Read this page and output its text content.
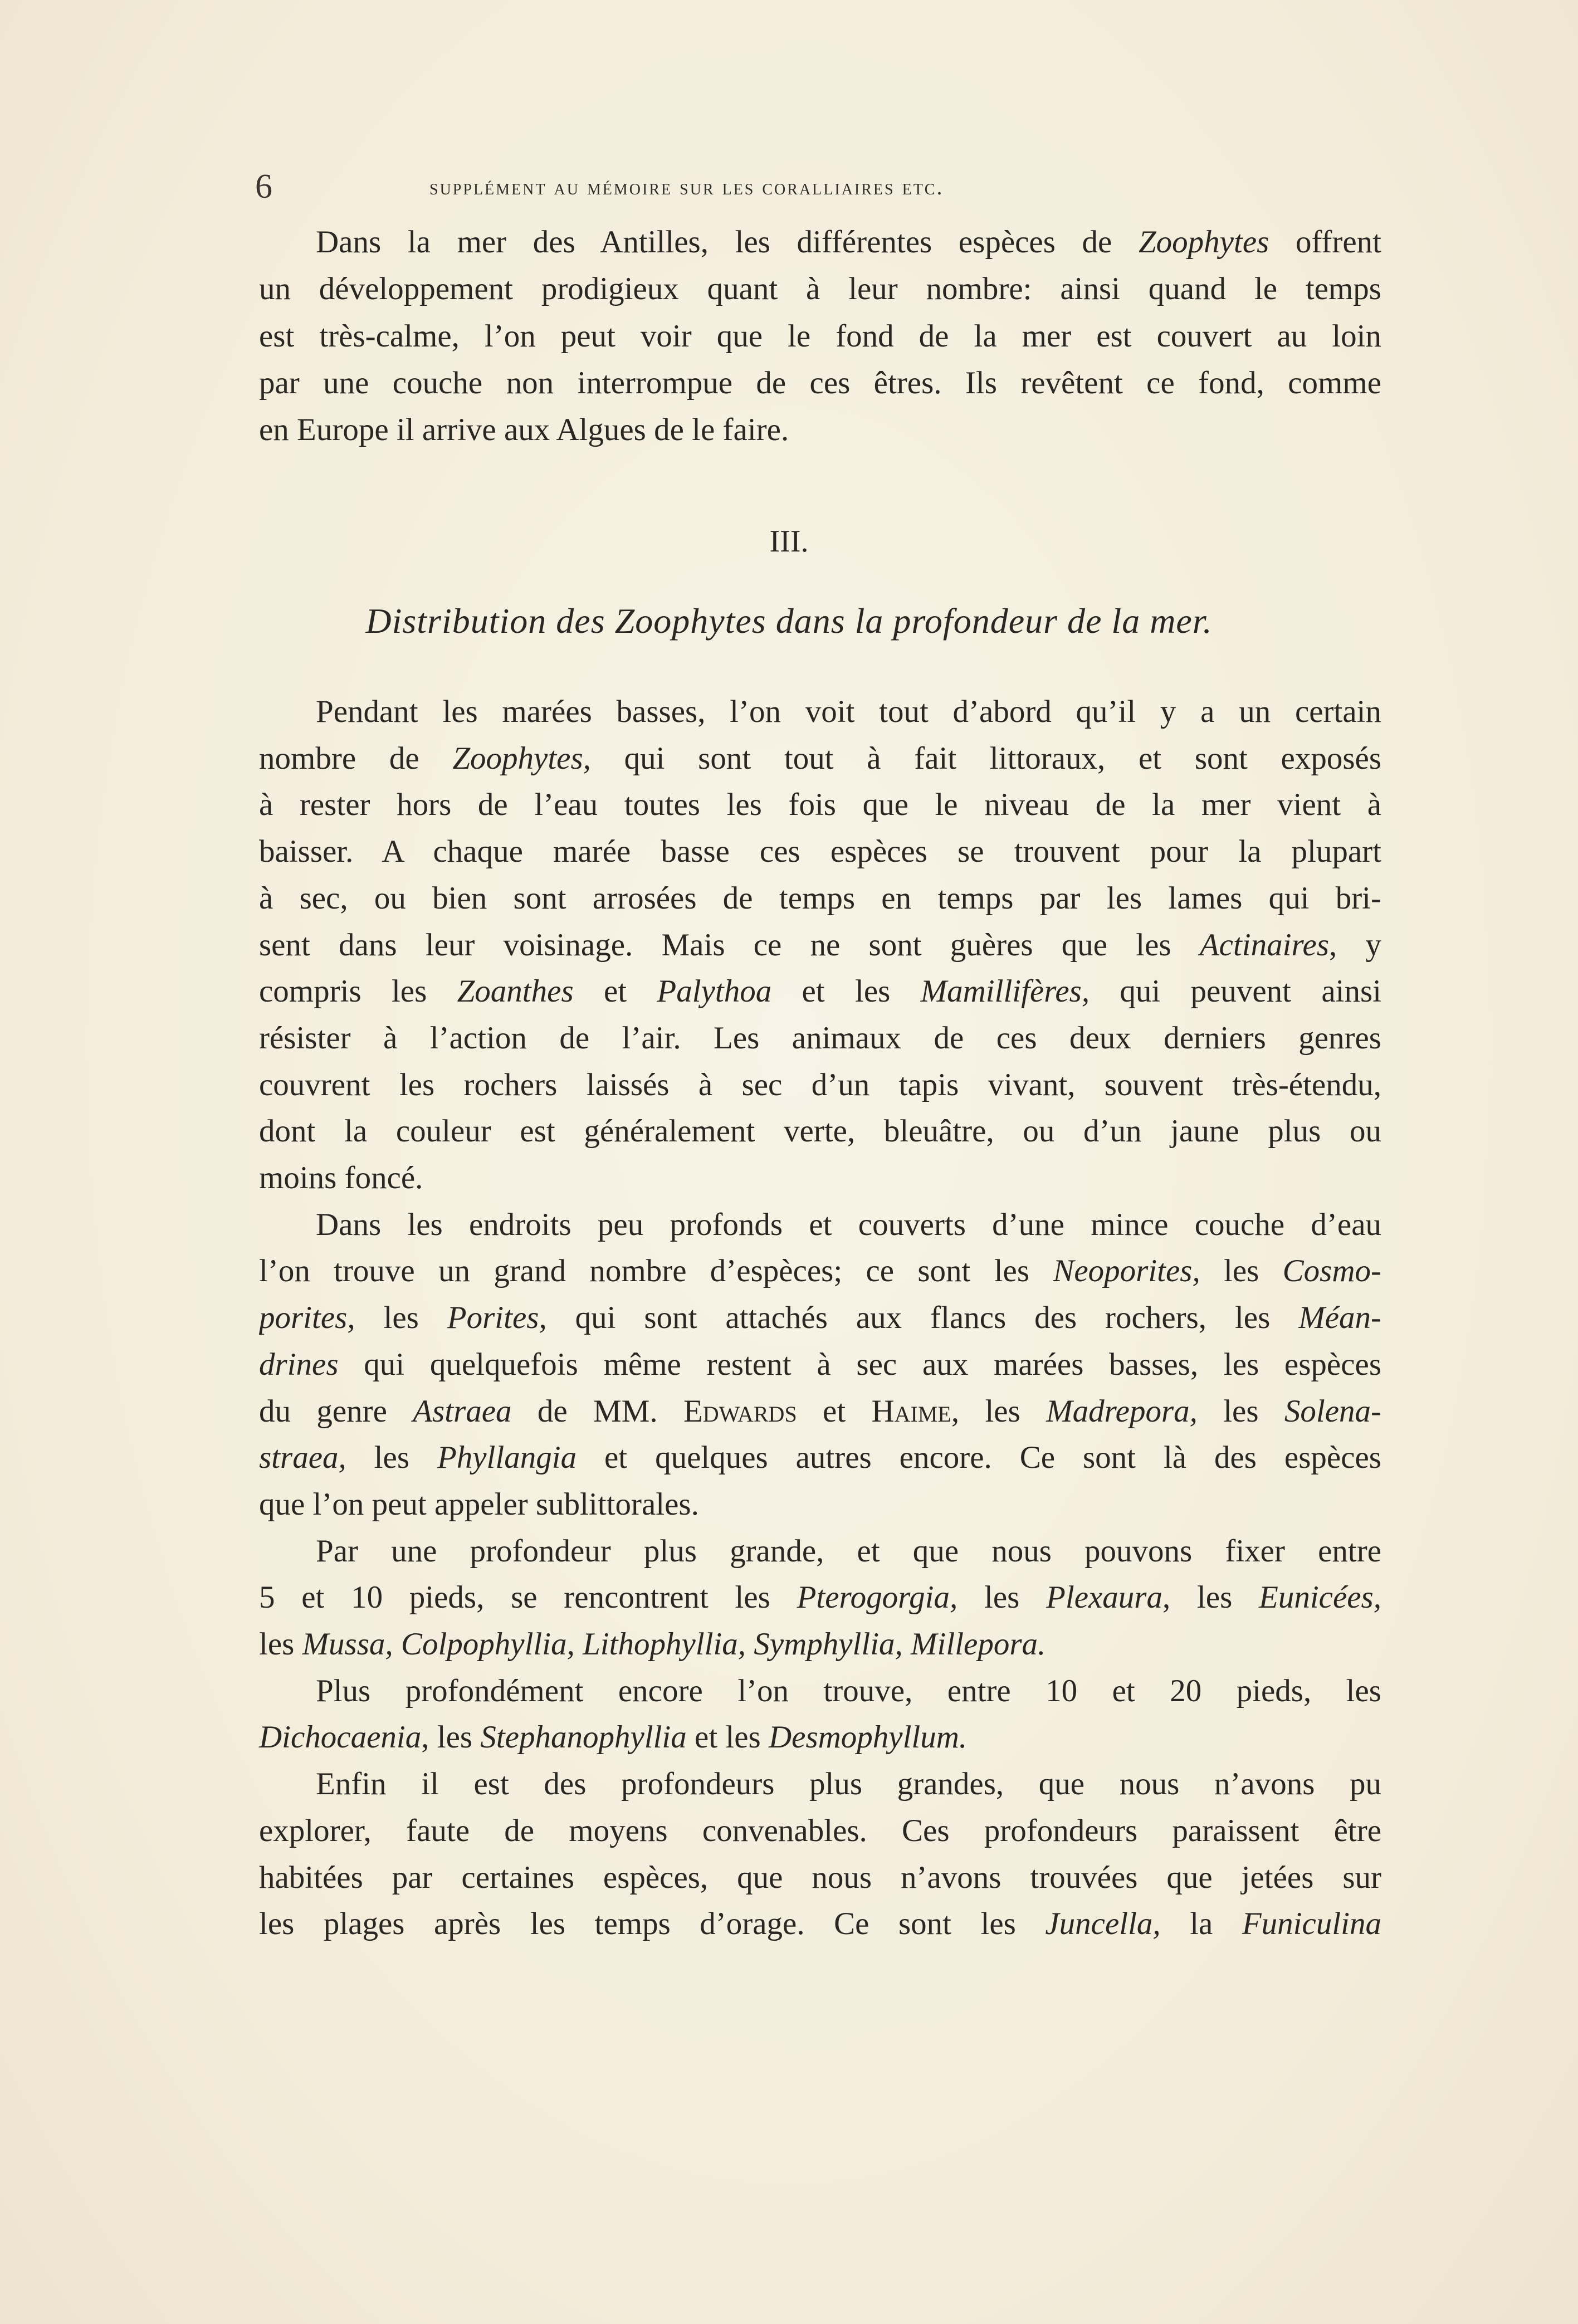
6	supplément au mémoire sur les coralliaires etc.
Dans la mer des Antilles, les différentes espèces de Zoophytes offrent
un développement prodigieux quant à leur nombre: ainsi quand le temps
est très-calme, l’on peut voir que le fond de la mer est couvert au loin
par une couche non interrompue de ces êtres. Ils revêtent ce fond, comme
en Europe il arrive aux Algues de le faire.
III.
Distribution des Zoophytes dans la profondeur de la mer.
Pendant les marées basses, l’on voit tout d’abord qu’il y a un certain
nombre de Zoophytes, qui sont tout à fait littoraux, et sont exposés
à rester hors de l’eau toutes les fois que le niveau de la mer vient à
baisser. A chaque marée basse ces espèces se trouvent pour la plupart
à sec, ou bien sont arrosées de temps en temps par les lames qui bri-
sent dans leur voisinage. Mais ce ne sont guères que les Actinaires, y
compris les Zoanthes et Palythoa et les Mamillifères, qui peuvent ainsi
résister à l’action de l’air. Les animaux de ces deux derniers genres
couvrent les rochers laissés à sec d’un tapis vivant, souvent très-étendu,
dont la couleur est généralement verte, bleuâtre, ou d’un jaune plus ou
moins foncé.
Dans les endroits peu profonds et couverts d’une mince couche d’eau
l’on trouve un grand nombre d’espèces; ce sont les Neoporites, les Cosmo-
porites, les Porites, qui sont attachés aux flancs des rochers, les Méan-
drines qui quelquefois même restent à sec aux marées basses, les espèces
du genre Astraea de MM. Edwards et Haime, les Madrepora, les Solena-
straea, les Phyllangia et quelques autres encore. Ce sont là des espèces
que l’on peut appeler sublittorales.
Par une profondeur plus grande, et que nous pouvons fixer entre
5 et 10 pieds, se rencontrent les Pterogorgia, les Plexaura, les Eunicées,
les Mussa, Colpophyllia, Lithophyllia, Symphyllia, Millepora.
Plus profondément encore l’on trouve, entre 10 et 20 pieds, les
Dichocaenia, les Stephanophyllia et les Desmophyllum.
Enfin il est des profondeurs plus grandes, que nous n’avons pu
explorer, faute de moyens convenables. Ces profondeurs paraissent être
habitées par certaines espèces, que nous n’avons trouvées que jetées sur
les plages après les temps d’orage. Ce sont les Juncella, la Funiculina
